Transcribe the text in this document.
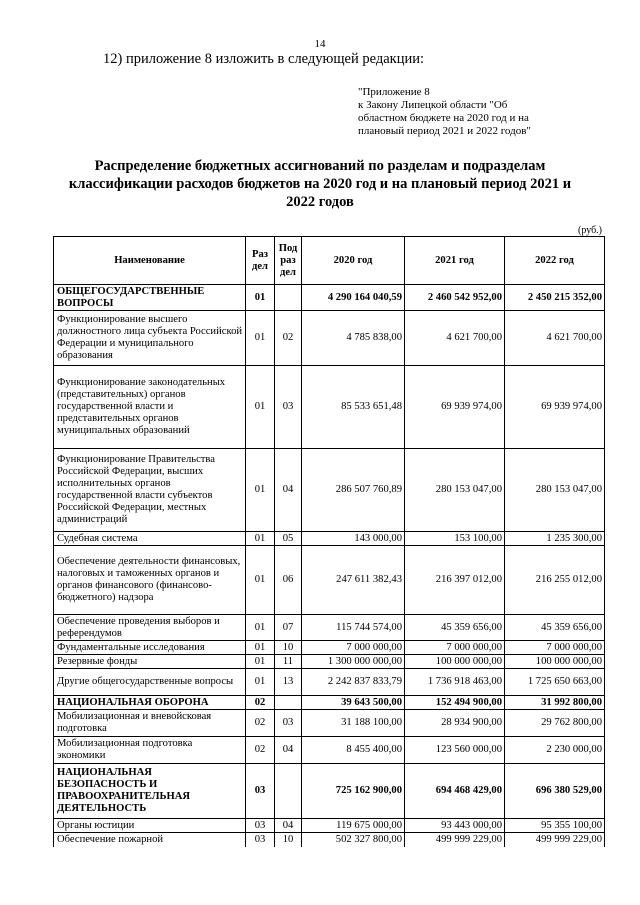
14
12) приложение 8 изложить в следующей редакции:
"Приложение 8
к Закону Липецкой области "Об
областном бюджете на 2020 год и на
плановый период 2021 и 2022 годов"
Распределение бюджетных ассигнований по разделам и подразделам
классификации расходов бюджетов на 2020 год и на плановый период 2021 и
2022 годов
(руб.)
Наименование	Раз дел	Под раз дел	2020 год	2021 год	2022 год
ОБЩЕГОСУДАРСТВЕННЫЕ ВОПРОСЫ	01		4 290 164 040,59	2 460 542 952,00	2 450 215 352,00
Функционирование высшего должностного лица субъекта Российской Федерации и муниципального образования	01	02	4 785 838,00	4 621 700,00	4 621 700,00
Функционирование законодательных (представительных) органов государственной власти и представительных органов муниципальных образований	01	03	85 533 651,48	69 939 974,00	69 939 974,00
Функционирование Правительства Российской Федерации, высших исполнительных органов государственной власти субъектов Российской Федерации, местных администраций	01	04	286 507 760,89	280 153 047,00	280 153 047,00
Судебная система	01	05	143 000,00	153 100,00	1 235 300,00
Обеспечение деятельности финансовых, налоговых и таможенных органов и органов финансового (финансово-бюджетного) надзора	01	06	247 611 382,43	216 397 012,00	216 255 012,00
Обеспечение проведения выборов и референдумов	01	07	115 744 574,00	45 359 656,00	45 359 656,00
Фундаментальные исследования	01	10	7 000 000,00	7 000 000,00	7 000 000,00
Резервные фонды	01	11	1 300 000 000,00	100 000 000,00	100 000 000,00
Другие общегосударственные вопросы	01	13	2 242 837 833,79	1 736 918 463,00	1 725 650 663,00
НАЦИОНАЛЬНАЯ ОБОРОНА	02		39 643 500,00	152 494 900,00	31 992 800,00
Мобилизационная и вневойсковая подготовка	02	03	31 188 100,00	28 934 900,00	29 762 800,00
Мобилизационная подготовка экономики	02	04	8 455 400,00	123 560 000,00	2 230 000,00
НАЦИОНАЛЬНАЯ БЕЗОПАСНОСТЬ И ПРАВООХРАНИТЕЛЬНАЯ ДЕЯТЕЛЬНОСТЬ	03		725 162 900,00	694 468 429,00	696 380 529,00
Органы юстиции	03	04	119 675 000,00	93 443 000,00	95 355 100,00
Обеспечение пожарной	03	10	502 327 800,00	499 999 229,00	499 999 229,00
